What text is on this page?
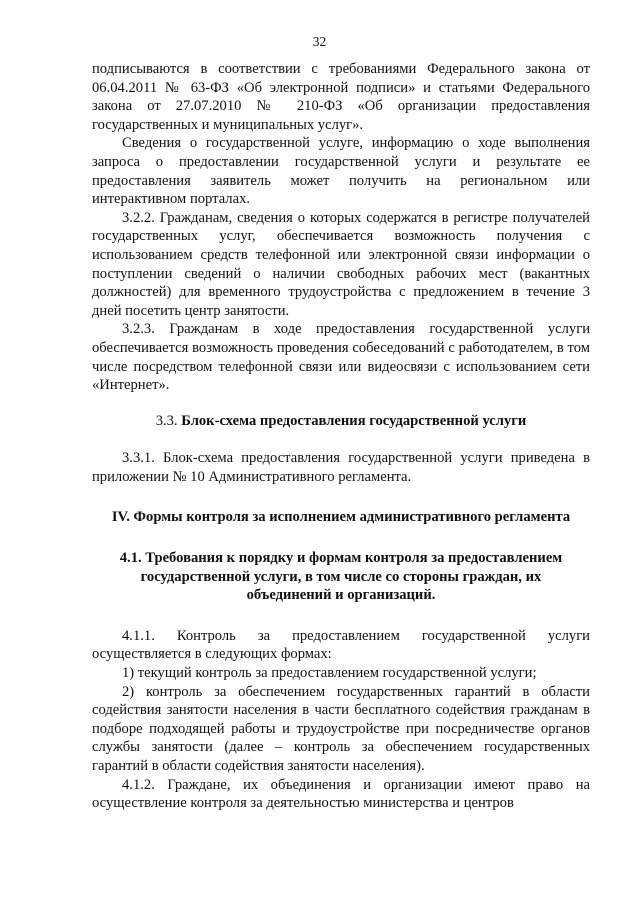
32

подписываются в соответствии с требованиями Федерального закона от 06.04.2011 № 63-ФЗ «Об электронной подписи» и статьями Федерального закона от 27.07.2010 № 210-ФЗ «Об организации предоставления государственных и муниципальных услуг».

Сведения о государственной услуге, информацию о ходе выполнения запроса о предоставлении государственной услуги и результате ее предоставления заявитель может получить на региональном или интерактивном порталах.

3.2.2. Гражданам, сведения о которых содержатся в регистре получателей государственных услуг, обеспечивается возможность получения с использованием средств телефонной или электронной связи информации о поступлении сведений о наличии свободных рабочих мест (вакантных должностей) для временного трудоустройства с предложением в течение 3 дней посетить центр занятости.

3.2.3. Гражданам в ходе предоставления государственной услуги обеспечивается возможность проведения собеседований с работодателем, в том числе посредством телефонной связи или видеосвязи с использованием сети «Интернет».

3.3. Блок-схема предоставления государственной услуги

3.3.1. Блок-схема предоставления государственной услуги приведена в приложении № 10 Административного регламента.

IV. Формы контроля за исполнением административного регламента

4.1. Требования к порядку и формам контроля за предоставлением государственной услуги, в том числе со стороны граждан, их объединений и организаций.

4.1.1. Контроль за предоставлением государственной услуги осуществляется в следующих формах:

1) текущий контроль за предоставлением государственной услуги;

2) контроль за обеспечением государственных гарантий в области содействия занятости населения в части бесплатного содействия гражданам в подборе подходящей работы и трудоустройстве при посредничестве органов службы занятости (далее – контроль за обеспечением государственных гарантий в области содействия занятости населения).

4.1.2. Граждане, их объединения и организации имеют право на осуществление контроля за деятельностью министерства и центров
